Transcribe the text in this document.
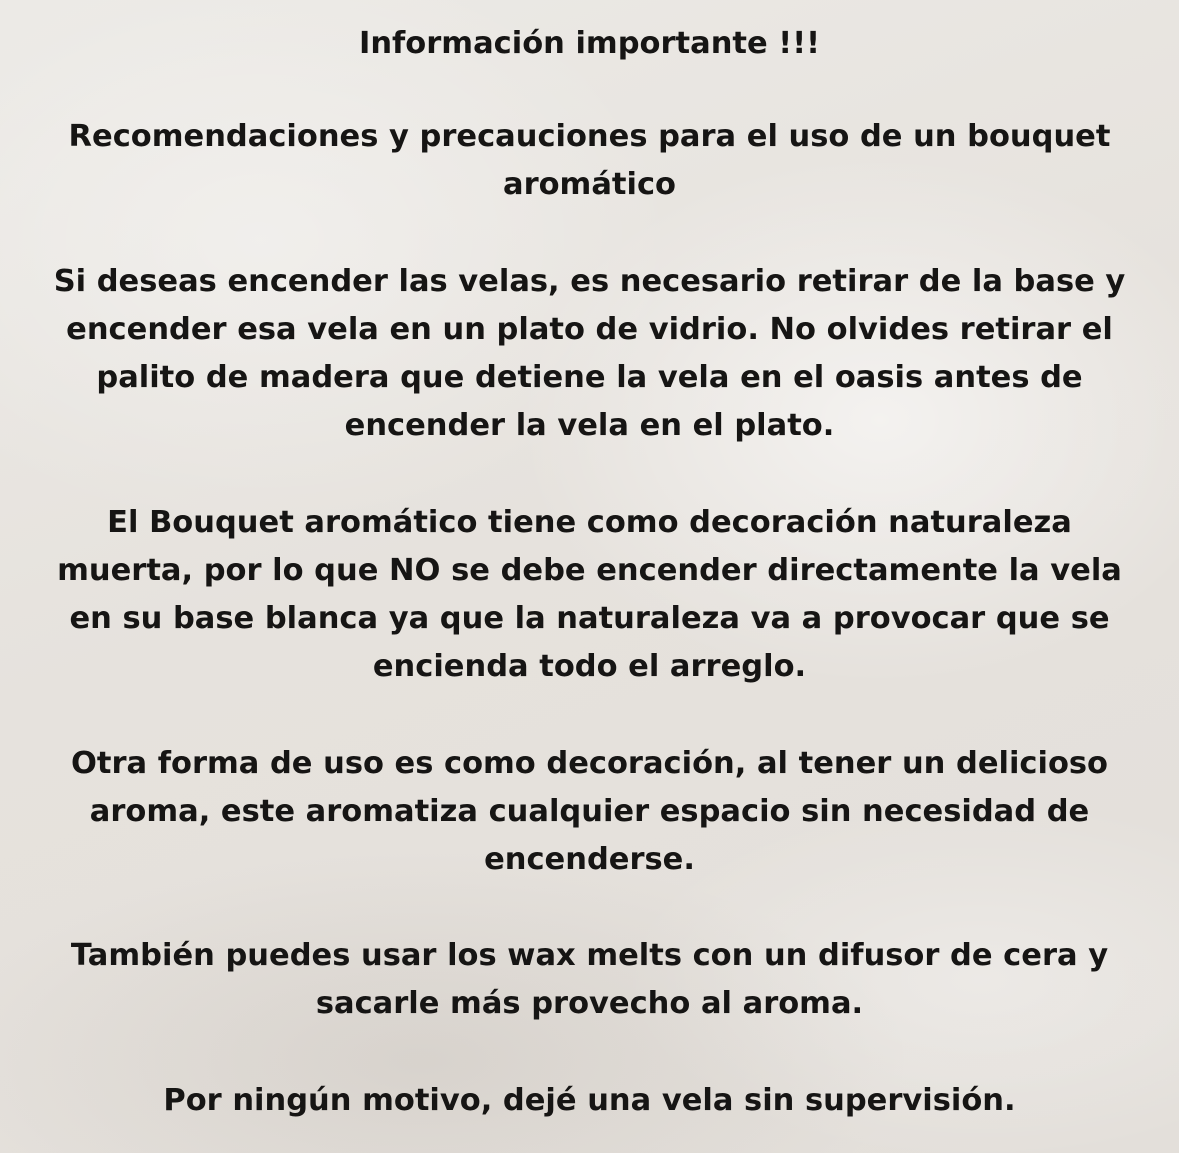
Información importante !!!

Recomendaciones y precauciones para el uso de un bouquet
aromático

Si deseas encender las velas, es necesario retirar de la base y
encender esa vela en un plato de vidrio. No olvides retirar el
palito de madera que detiene la vela en el oasis antes de
encender la vela en el plato.

El Bouquet aromático tiene como decoración naturaleza
muerta, por lo que NO se debe encender directamente la vela
en su base blanca ya que la naturaleza va a provocar que se
encienda todo el arreglo.

Otra forma de uso es como decoración, al tener un delicioso
aroma, este aromatiza cualquier espacio sin necesidad de
encenderse.

También puedes usar los wax melts con un difusor de cera y
sacarle más provecho al aroma.

Por ningún motivo, dejé una vela sin supervisión.
